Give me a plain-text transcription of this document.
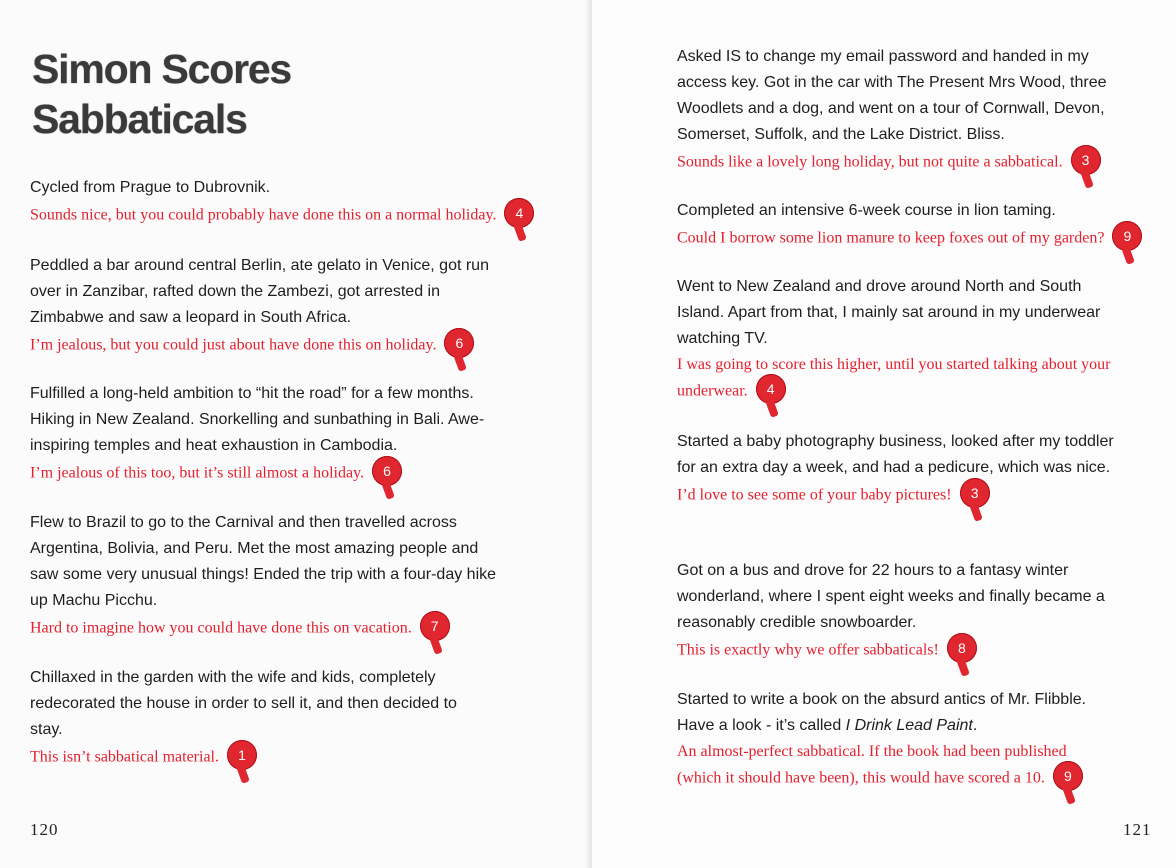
Simon Scores Sabbaticals
Cycled from Prague to Dubrovnik.
Sounds nice, but you could probably have done this on a normal holiday. 4
Peddled a bar around central Berlin, ate gelato in Venice, got run over in Zanzibar, rafted down the Zambezi, got arrested in Zimbabwe and saw a leopard in South Africa.
I’m jealous, but you could just about have done this on holiday. 6
Fulfilled a long-held ambition to “hit the road” for a few months. Hiking in New Zealand. Snorkelling and sunbathing in Bali. Awe-inspiring temples and heat exhaustion in Cambodia.
I’m jealous of this too, but it’s still almost a holiday. 6
Flew to Brazil to go to the Carnival and then travelled across Argentina, Bolivia, and Peru. Met the most amazing people and saw some very unusual things! Ended the trip with a four-day hike up Machu Picchu.
Hard to imagine how you could have done this on vacation. 7
Chillaxed in the garden with the wife and kids, completely redecorated the house in order to sell it, and then decided to stay.
This isn’t sabbatical material. 1
120
Asked IS to change my email password and handed in my access key. Got in the car with The Present Mrs Wood, three Woodlets and a dog, and went on a tour of Cornwall, Devon, Somerset, Suffolk, and the Lake District. Bliss.
Sounds like a lovely long holiday, but not quite a sabbatical. 3
Completed an intensive 6-week course in lion taming.
Could I borrow some lion manure to keep foxes out of my garden? 9
Went to New Zealand and drove around North and South Island. Apart from that, I mainly sat around in my underwear watching TV.
I was going to score this higher, until you started talking about your underwear. 4
Started a baby photography business, looked after my toddler for an extra day a week, and had a pedicure, which was nice.
I’d love to see some of your baby pictures! 3
Got on a bus and drove for 22 hours to a fantasy winter wonderland, where I spent eight weeks and finally became a reasonably credible snowboarder.
This is exactly why we offer sabbaticals! 8
Started to write a book on the absurd antics of Mr. Flibble. Have a look - it’s called I Drink Lead Paint.
An almost-perfect sabbatical. If the book had been published (which it should have been), this would have scored a 10. 9
121
